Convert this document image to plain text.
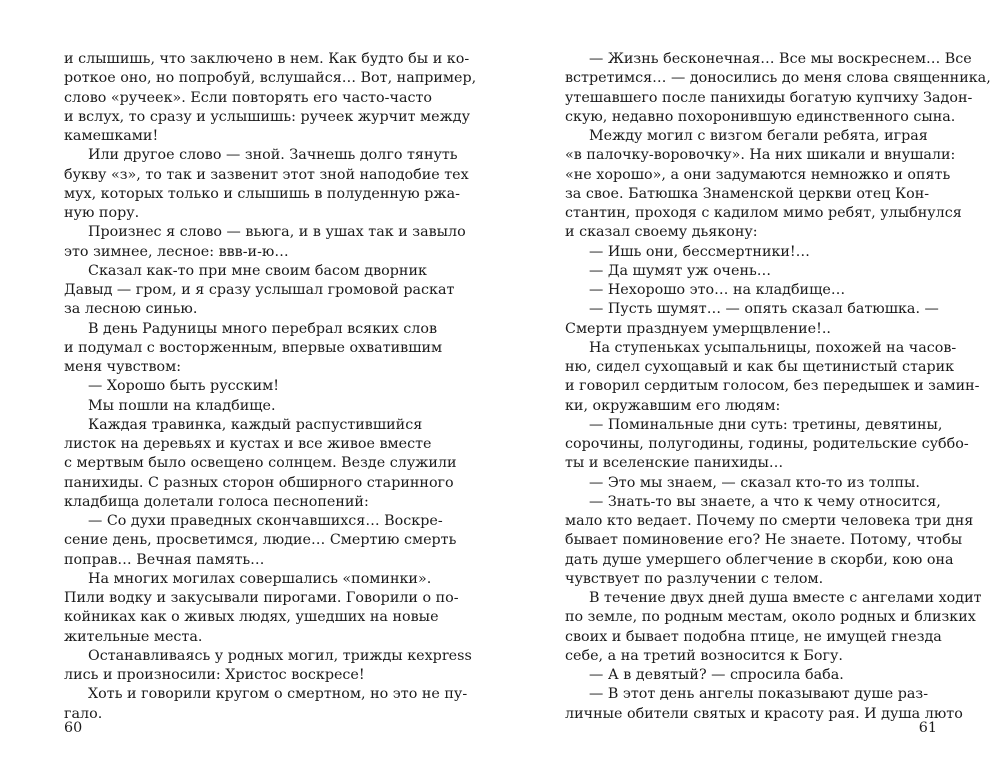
и слышишь, что заключено в нем. Как будто бы и ко-
роткое оно, но попробуй, вслушайся… Вот, например,
слово «ручеек». Если повторять его часто-часто
и вслух, то сразу и услышишь: ручеек журчит между
камешками!
Или другое слово — зной. Зачнешь долго тянуть
букву «з», то так и зазвенит этот зной наподобие тех
мух, которых только и слышишь в полуденную ржа-
ную пору.
Произнес я слово — вьюга, и в ушах так и завыло
это зимнее, лесное: ввв-и-ю…
Сказал как-то при мне своим басом дворник
Давыд — гром, и я сразу услышал громовой раскат
за лесною синью.
В день Радуницы много перебрал всяких слов
и подумал с восторженным, впервые охватившим
меня чувством:
— Хорошо быть русским!
Мы пошли на кладбище.
Каждая травинка, каждый распустившийся
листок на деревьях и кустах и все живое вместе
с мертвым было освещено солнцем. Везде служили
панихиды. С разных сторон обширного старинного
кладбища долетали голоса песнопений:
— Со духи праведных скончавшихся… Воскре-
сение день, просветимся, людие… Смертию смерть
поправ… Вечная память…
На многих могилах совершались «поминки».
Пили водку и закусывали пирогами. Говорили о по-
койниках как о живых людях, ушедших на новые
жительные места.
Останавливаясь у родных могил, трижды кexpress
лись и произносили: Христос воскресе!
Хоть и говорили кругом о смертном, но это не пу-
гало.
60
— Жизнь бесконечная… Все мы воскреснем… Все
встретимся… — доносились до меня слова священника,
утешавшего после панихиды богатую купчиху Задон-
скую, недавно похоронившую единственного сына.
Между могил с визгом бегали ребята, играя
«в палочку-воровочку». На них шикали и внушали:
«не хорошо», а они задумаются немножко и опять
за свое. Батюшка Знаменской церкви отец Кон-
стантин, проходя с кадилом мимо ребят, улыбнулся
и сказал своему дьякону:
— Ишь они, бессмертники!…
— Да шумят уж очень…
— Нехорошо это… на кладбище…
— Пусть шумят… — опять сказал батюшка. —
Смерти празднуем умерщвление!..
На ступеньках усыпальницы, похожей на часов-
ню, сидел сухощавый и как бы щетинистый старик
и говорил сердитым голосом, без передышек и замин-
ки, окружавшим его людям:
— Поминальные дни суть: третины, девятины,
сорочины, полугодины, годины, родительские суббо-
ты и вселенские панихиды…
— Это мы знаем, — сказал кто-то из толпы.
— Знать-то вы знаете, а что к чему относится,
мало кто ведает. Почему по смерти человека три дня
бывает поминовение его? Не знаете. Потому, чтобы
дать душе умершего облегчение в скорби, кою она
чувствует по разлучении с телом.
В течение двух дней душа вместе с ангелами ходит
по земле, по родным местам, около родных и близких
своих и бывает подобна птице, не имущей гнезда
себе, а на третий возносится к Богу.
— А в девятый? — спросила баба.
— В этот день ангелы показывают душе раз-
личные обители святых и красоту рая. И душа люто
61
